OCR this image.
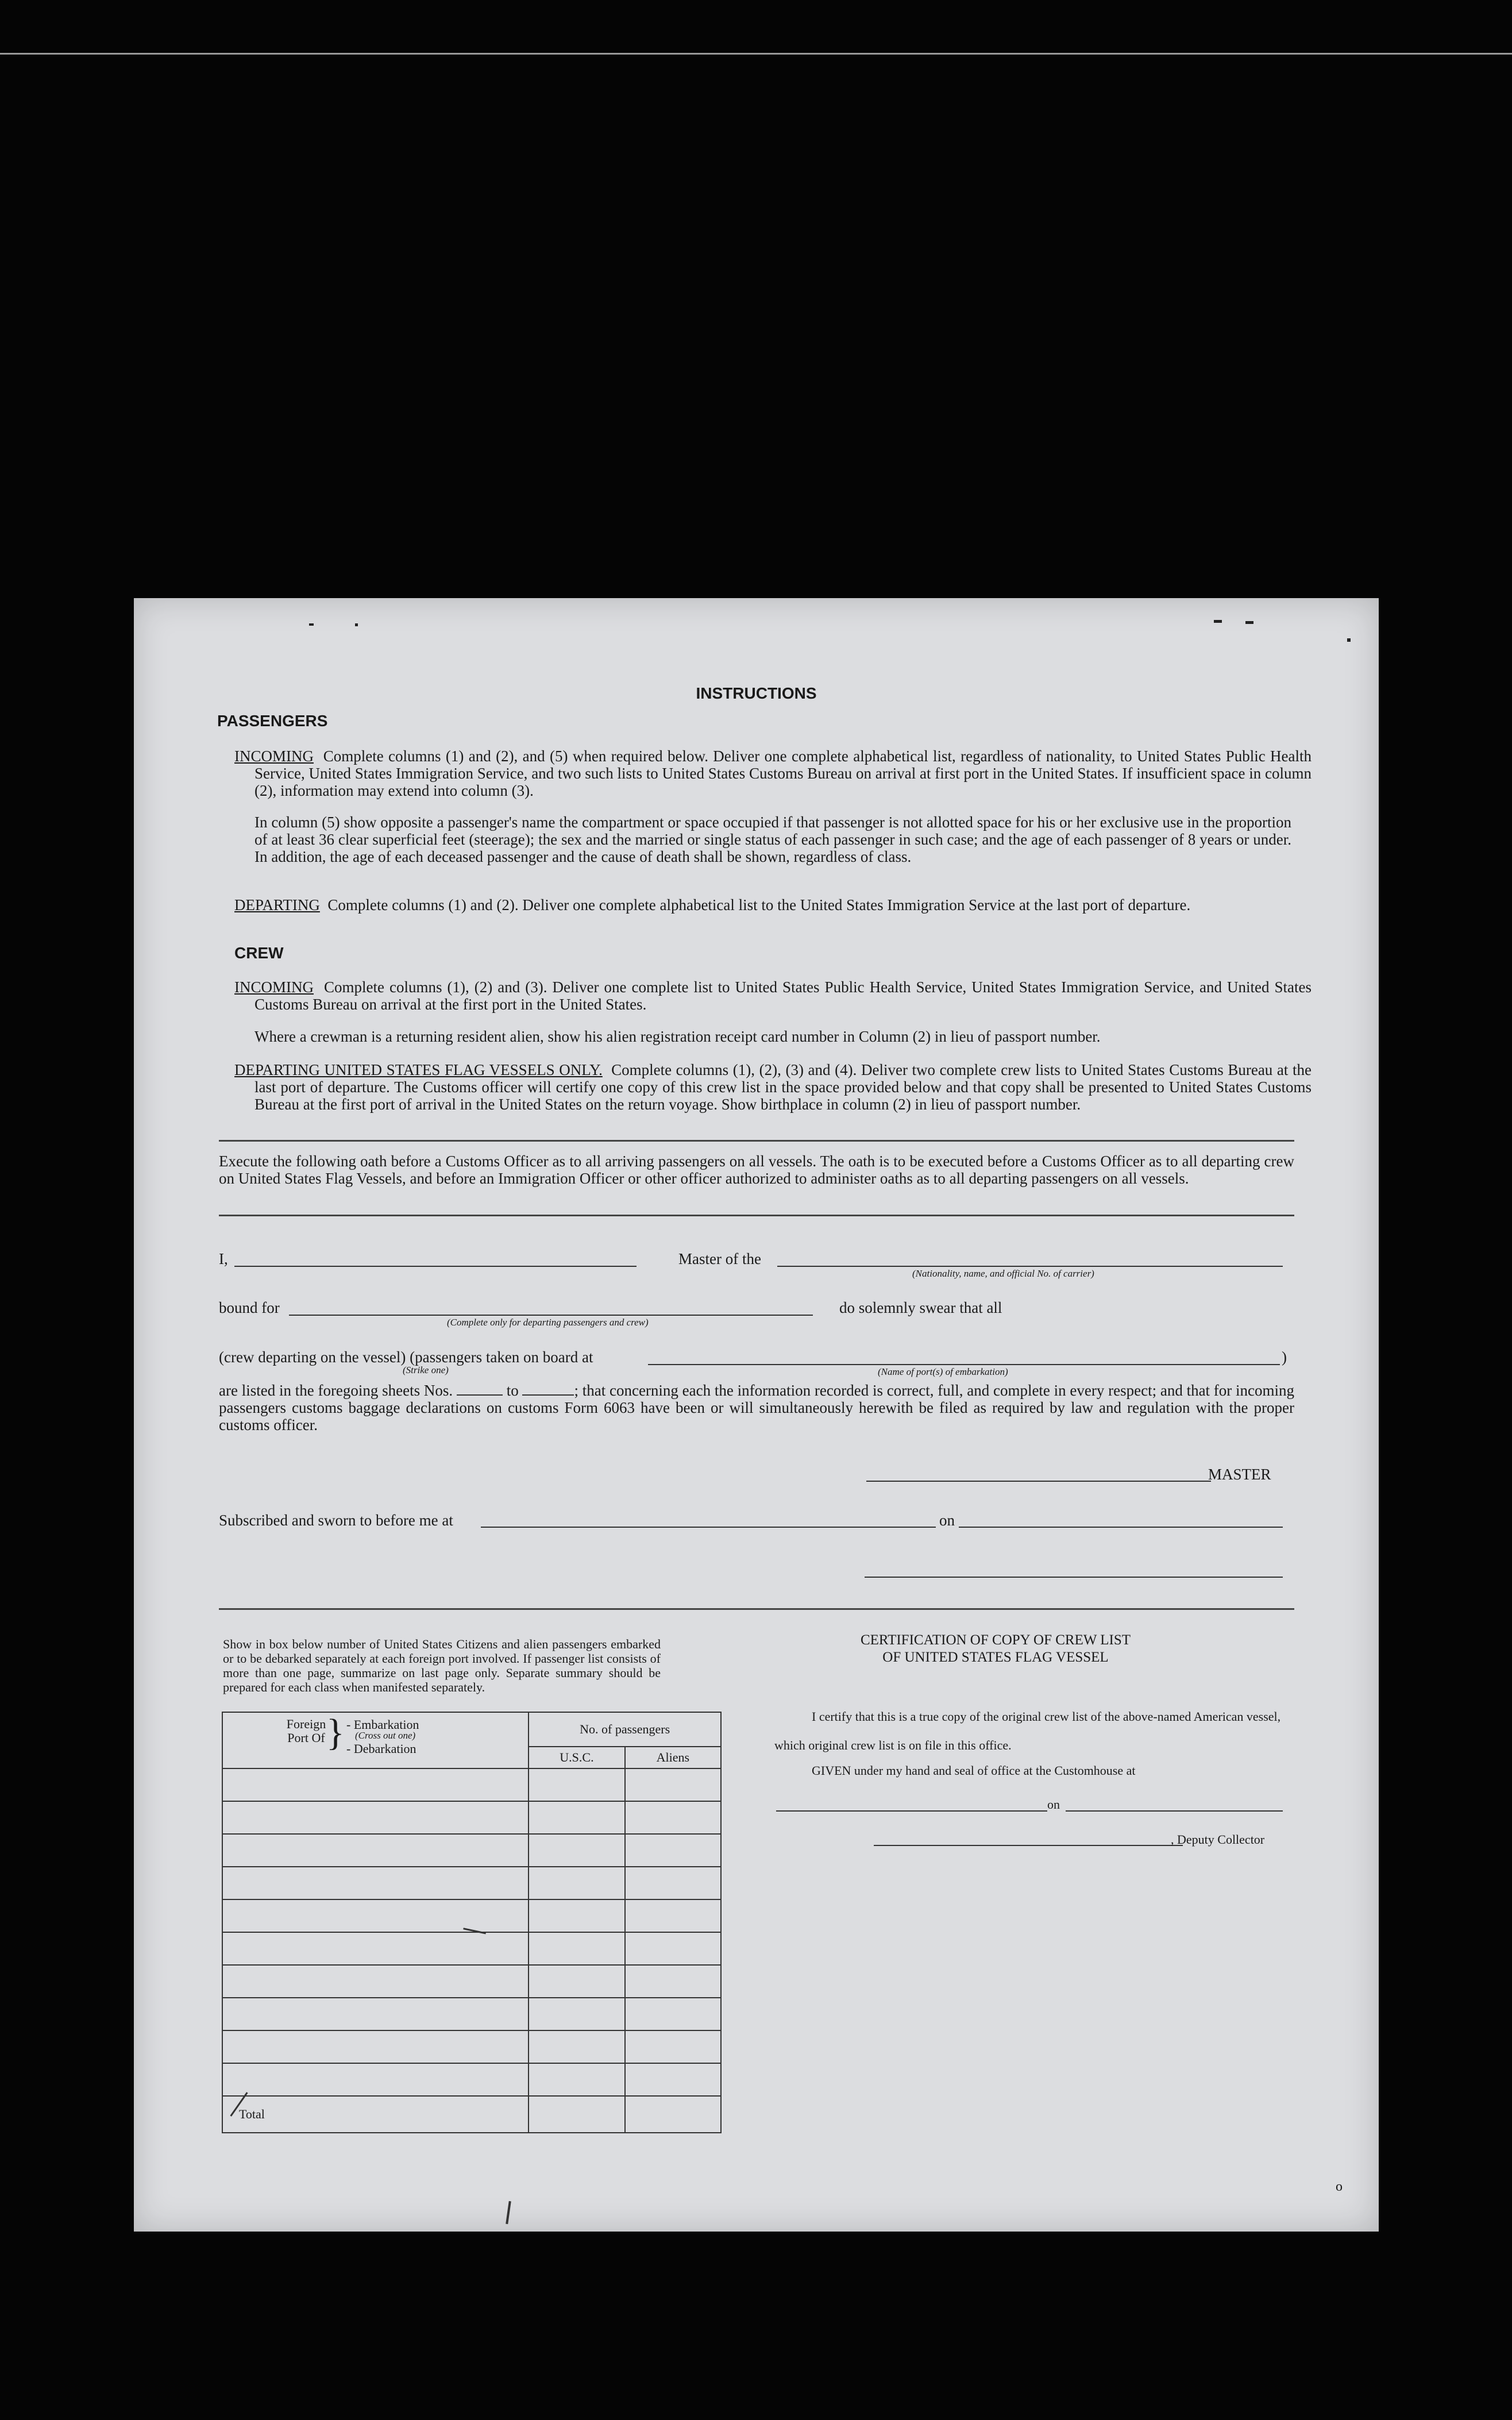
INSTRUCTIONS
PASSENGERS
INCOMING Complete columns (1) and (2), and (5) when required below. Deliver one complete alphabetical list, regardless of nationality, to United States Public Health Service, United States Immigration Service, and two such lists to United States Customs Bureau on arrival at first port in the United States. If insufficient space in column (2), information may extend into column (3).
In column (5) show opposite a passenger's name the compartment or space occupied if that passenger is not allotted space for his or her exclusive use in the proportion of at least 36 clear superficial feet (steerage); the sex and the married or single status of each passenger in such case; and the age of each passenger of 8 years or under. In addition, the age of each deceased passenger and the cause of death shall be shown, regardless of class.
DEPARTING Complete columns (1) and (2). Deliver one complete alphabetical list to the United States Immigration Service at the last port of departure.
CREW
INCOMING Complete columns (1), (2) and (3). Deliver one complete list to United States Public Health Service, United States Immigration Service, and United States Customs Bureau on arrival at the first port in the United States.
Where a crewman is a returning resident alien, show his alien registration receipt card number in Column (2) in lieu of passport number.
DEPARTING UNITED STATES FLAG VESSELS ONLY. Complete columns (1), (2), (3) and (4). Deliver two complete crew lists to United States Customs Bureau at the last port of departure. The Customs officer will certify one copy of this crew list in the space provided below and that copy shall be presented to United States Customs Bureau at the first port of arrival in the United States on the return voyage. Show birthplace in column (2) in lieu of passport number.
Execute the following oath before a Customs Officer as to all arriving passengers on all vessels. The oath is to be executed before a Customs Officer as to all departing crew on United States Flag Vessels, and before an Immigration Officer or other officer authorized to administer oaths as to all departing passengers on all vessels.
I,	Master of the
(Nationality, name, and official No. of carrier)
bound for
(Complete only for departing passengers and crew)
do solemnly swear that all
(crew departing on the vessel) (passengers taken on board at
(Strike one)	(Name of port(s) of embarkation)
)
are listed in the foregoing sheets Nos.	to	; that concerning each the information recorded is correct, full, and complete in every respect; and that for incoming passengers customs baggage declarations on customs Form 6063 have been or will simultaneously herewith be filed as required by law and regulation with the proper customs officer.
MASTER
Subscribed and sworn to before me at	on
Show in box below number of United States Citizens and alien passengers embarked or to be debarked separately at each foreign port involved. If passenger list consists of more than one page, summarize on last page only. Separate summary should be prepared for each class when manifested separately.
Foreign Port Of } - Embarkation
(Cross out one)
- Debarkation	No. of passengers	
	U.S.C.	Aliens

Total		
CERTIFICATION OF COPY OF CREW LIST
OF UNITED STATES FLAG VESSEL
I certify that this is a true copy of the original crew list of the above-named American vessel, which original crew list is on file in this office.
GIVEN under my hand and seal of office at the Customhouse at
on
, Deputy Collector
o
